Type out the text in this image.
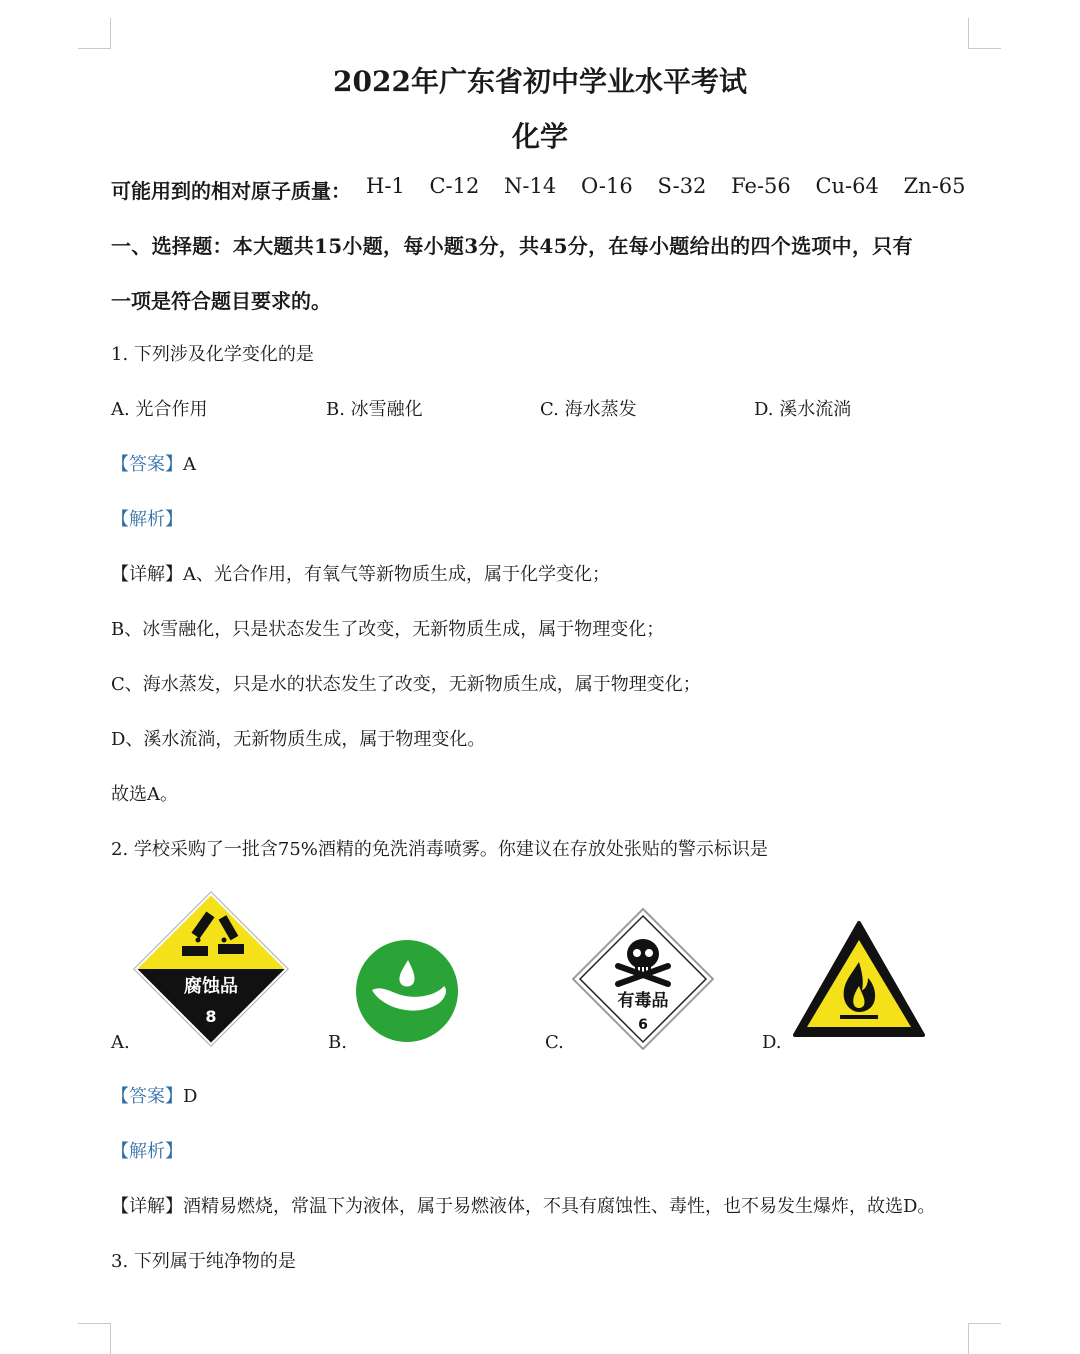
2022年广东省初中学业水平考试
化学
可能用到的相对原子质量： H-1 C-12 N-14 O-16 S-32 Fe-56 Cu-64 Zn-65
一、选择题：本大题共15小题，每小题3分，共45分，在每小题给出的四个选项中，只有
一项是符合题目要求的。
1. 下列涉及化学变化的是
A. 光合作用	B. 冰雪融化	C. 海水蒸发	D. 溪水流淌
【答案】A
【解析】
【详解】A、光合作用，有氧气等新物质生成，属于化学变化；
B、冰雪融化，只是状态发生了改变，无新物质生成，属于物理变化；
C、海水蒸发，只是水的状态发生了改变，无新物质生成，属于物理变化；
D、溪水流淌，无新物质生成，属于物理变化。
故选A。
2. 学校采购了一批含75%酒精的免洗消毒喷雾。你建议在存放处张贴的警示标识是
腐蚀品
8
A.	B.
有毒品
6
C.	D.
【答案】D
【解析】
【详解】酒精易燃烧，常温下为液体，属于易燃液体，不具有腐蚀性、毒性，也不易发生爆炸，故选D。
3. 下列属于纯净物的是
